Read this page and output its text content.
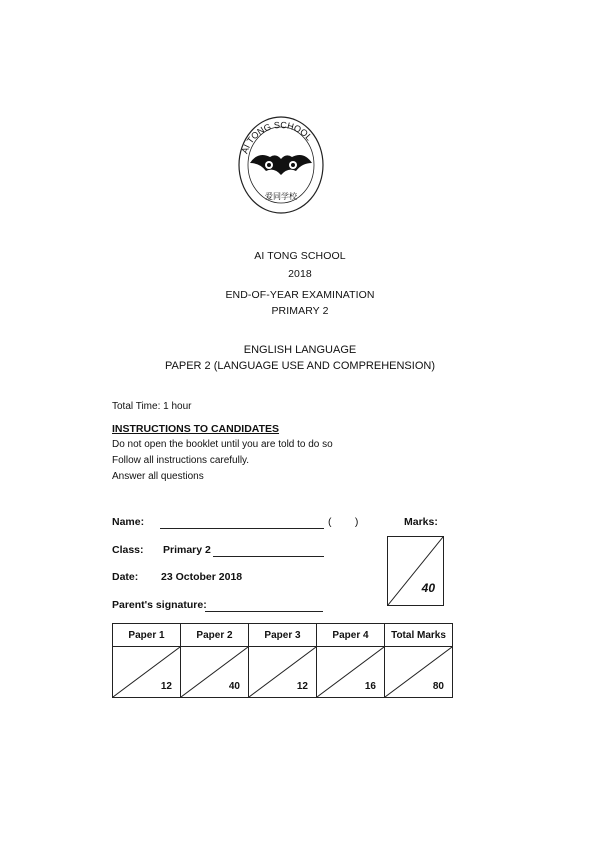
AI TONG SCHOOL
爱同学校
AI TONG SCHOOL
2018
END-OF-YEAR EXAMINATION
PRIMARY 2
ENGLISH LANGUAGE
PAPER 2 (LANGUAGE USE AND COMPREHENSION)
Total Time: 1 hour
INSTRUCTIONS TO CANDIDATES
Do not open the booklet until you are told to do so
Follow all instructions carefully.
Answer all questions
Name:	(        )	Marks:
40
Class: Primary 2
Date: 23 October 2018
Parent's signature:
Paper 1	Paper 2	Paper 3	Paper 4	Total Marks

12	40	12	16	80
